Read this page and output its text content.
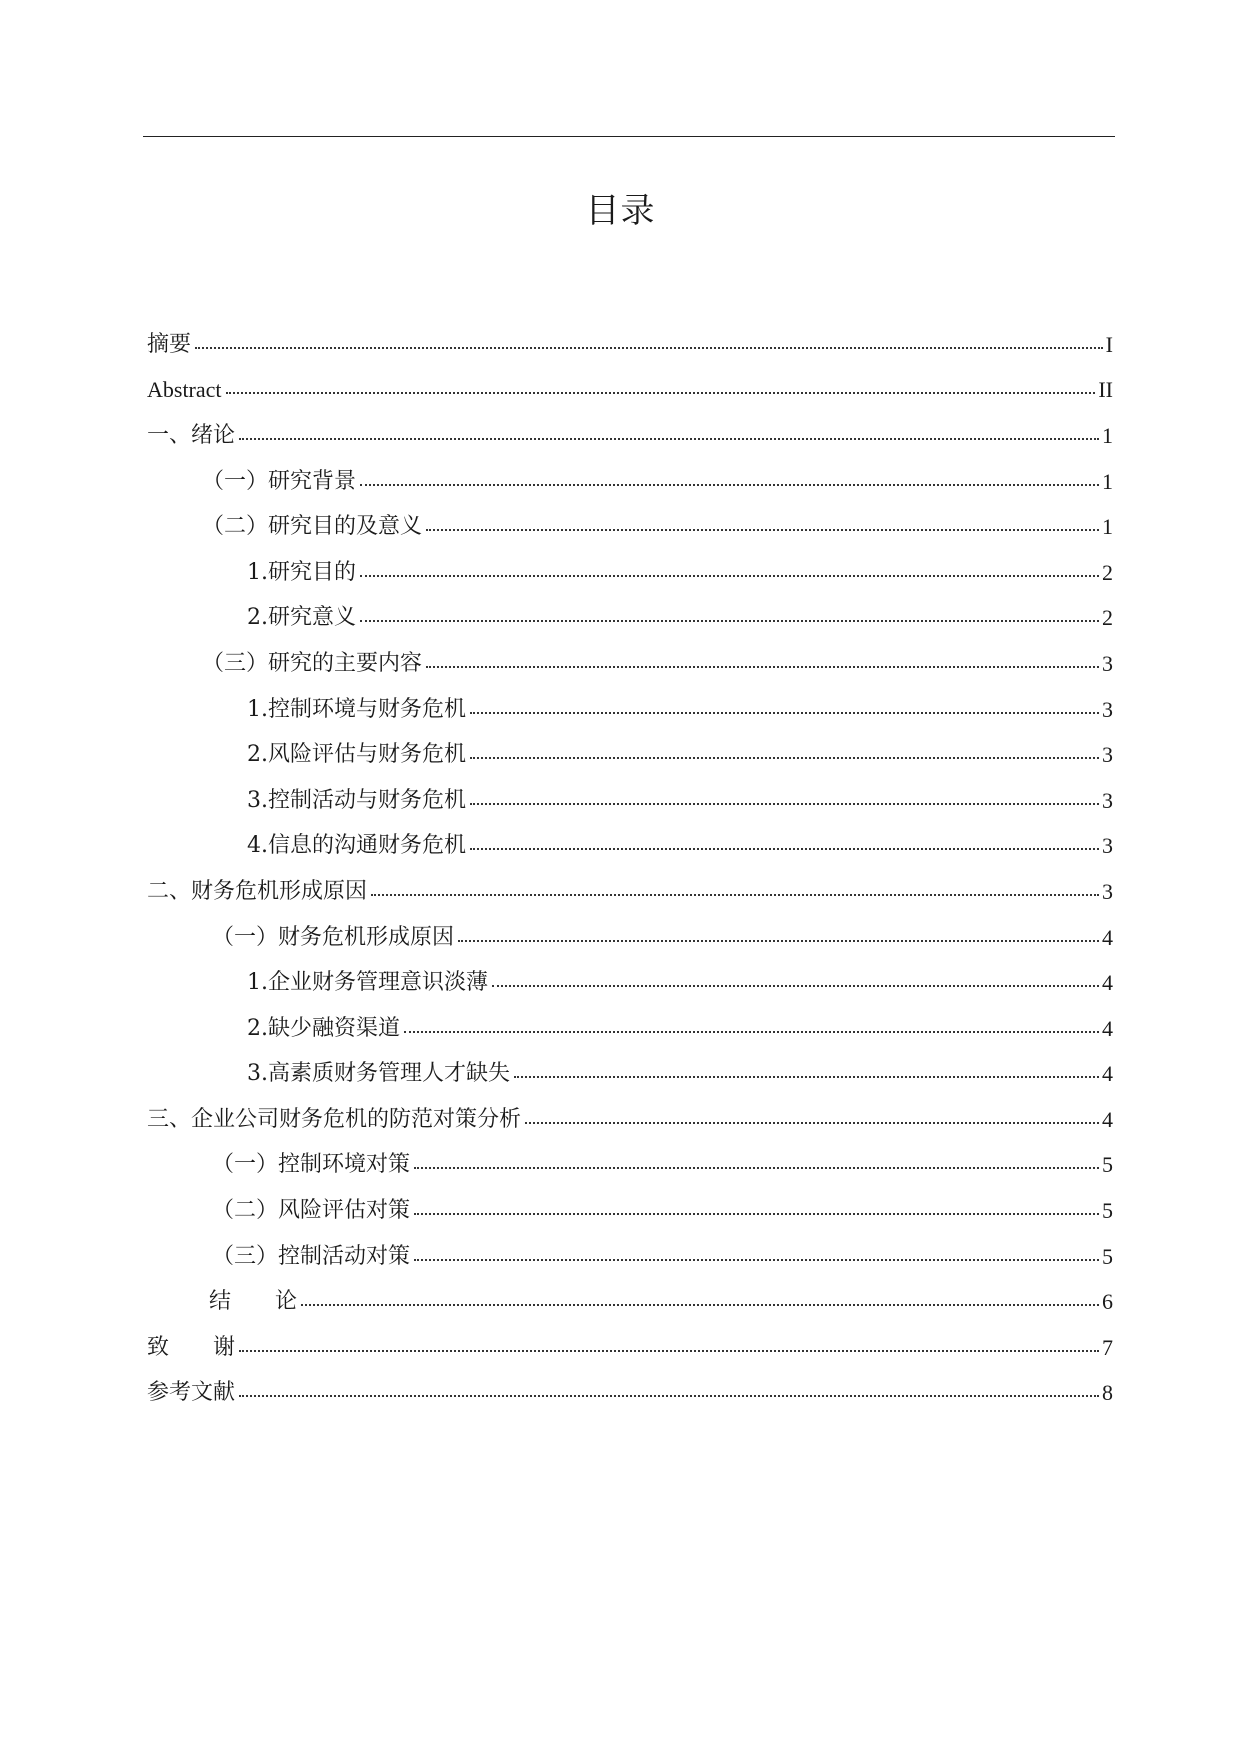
目录
摘要	I
Abstract	II
一、绪论	1
（一）研究背景	1
（二）研究目的及意义	1
1.研究目的	2
2.研究意义	2
（三）研究的主要内容	3
1.控制环境与财务危机	3
2.风险评估与财务危机	3
3.控制活动与财务危机	3
4.信息的沟通财务危机	3
二、财务危机形成原因	3
（一）财务危机形成原因	4
1.企业财务管理意识淡薄	4
2.缺少融资渠道	4
3.高素质财务管理人才缺失	4
三、企业公司财务危机的防范对策分析	4
（一）控制环境对策	5
（二）风险评估对策	5
（三）控制活动对策	5
结　　论	6
致　　谢	7
参考文献	8
